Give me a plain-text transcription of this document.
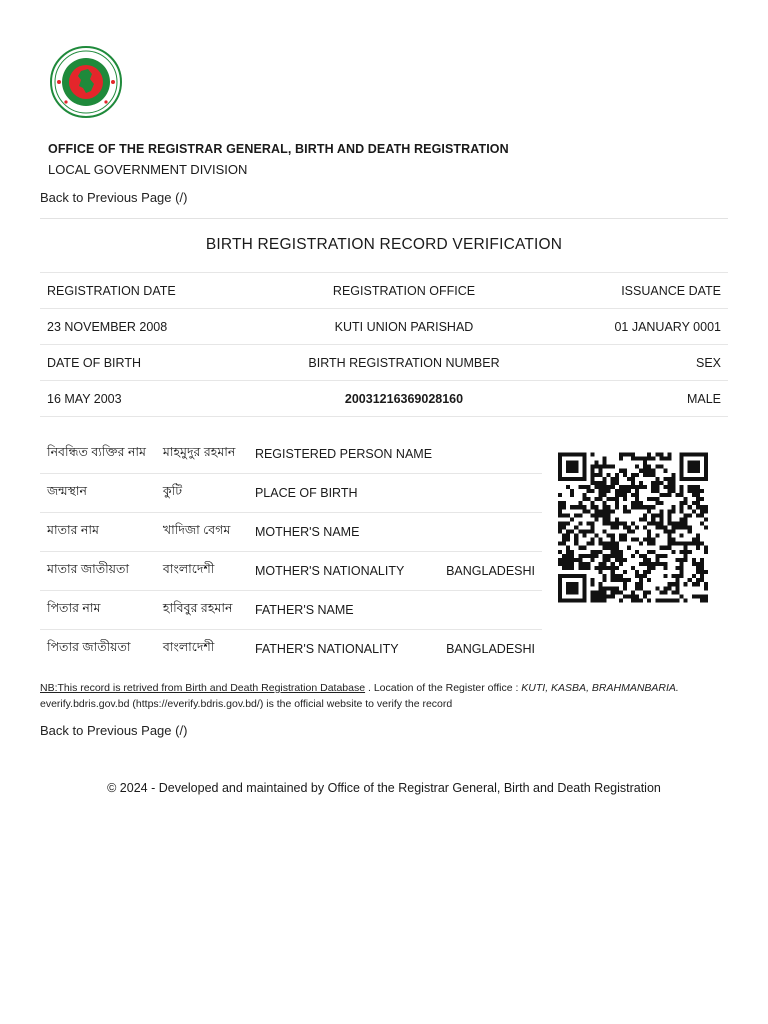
OFFICE OF THE REGISTRAR GENERAL, BIRTH AND DEATH REGISTRATION
LOCAL GOVERNMENT DIVISION
Back to Previous Page (/)
BIRTH REGISTRATION RECORD VERIFICATION
REGISTRATION DATE	REGISTRATION OFFICE	ISSUANCE DATE
23 NOVEMBER 2008	KUTI UNION PARISHAD	01 JANUARY 0001
DATE OF BIRTH	BIRTH REGISTRATION NUMBER	SEX
16 MAY 2003	20031216369028160	MALE
নিবন্ধিত ব্যক্তির নাম	মাহমুদুর রহমান	REGISTERED PERSON NAME	
জন্মস্থান	কুটি	PLACE OF BIRTH	
মাতার নাম	খাদিজা বেগম	MOTHER'S NAME	
মাতার জাতীয়তা	বাংলাদেশী	MOTHER'S NATIONALITY	BANGLADESHI
পিতার নাম	হাবিবুর রহমান	FATHER'S NAME	
পিতার জাতীয়তা	বাংলাদেশী	FATHER'S NATIONALITY	BANGLADESHI
NB:This record is retrived from Birth and Death Registration Database . Location of the Register office : KUTI, KASBA, BRAHMANBARIA.
everify.bdris.gov.bd (https://everify.bdris.gov.bd/) is the official website to verify the record
Back to Previous Page (/)
© 2024 - Developed and maintained by Office of the Registrar General, Birth and Death Registration
